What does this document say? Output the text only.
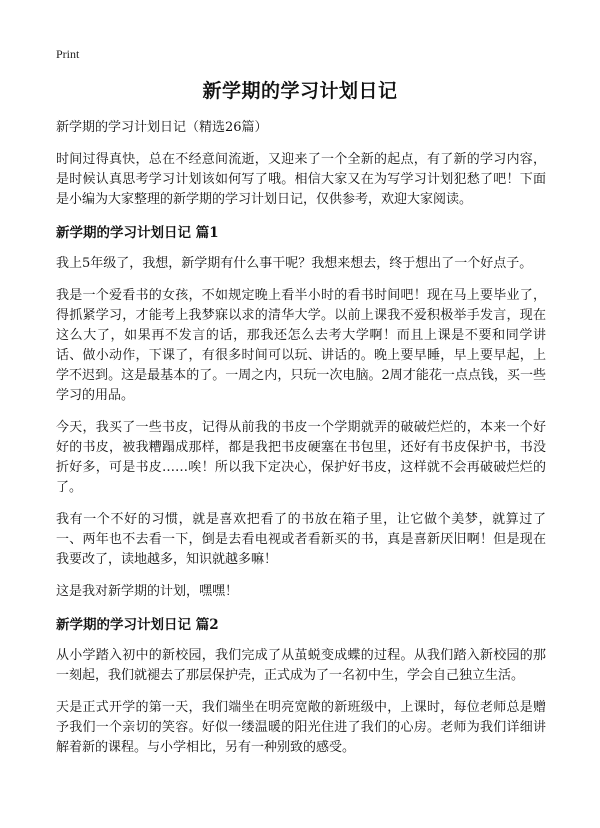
Print
新学期的学习计划日记
新学期的学习计划日记（精选26篇）

时间过得真快，总在不经意间流逝，又迎来了一个全新的起点，有了新的学习内容，是时候认真思考学习计划该如何写了哦。相信大家又在为写学习计划犯愁了吧！下面是小编为大家整理的新学期的学习计划日记，仅供参考，欢迎大家阅读。

新学期的学习计划日记 篇1

我上5年级了，我想，新学期有什么事干呢？我想来想去，终于想出了一个好点子。

我是一个爱看书的女孩，不如规定晚上看半小时的看书时间吧！现在马上要毕业了，得抓紧学习，才能考上我梦寐以求的清华大学。以前上课我不爱积极举手发言，现在这么大了，如果再不发言的话，那我还怎么去考大学啊！而且上课是不要和同学讲话、做小动作，下课了，有很多时间可以玩、讲话的。晚上要早睡，早上要早起，上学不迟到。这是最基本的了。一周之内，只玩一次电脑。2周才能花一点点钱，买一些学习的用品。

今天，我买了一些书皮，记得从前我的书皮一个学期就弄的破破烂烂的，本来一个好好的书皮，被我糟蹋成那样，都是我把书皮硬塞在书包里，还好有书皮保护书，书没折好多，可是书皮……唉！所以我下定决心，保护好书皮，这样就不会再破破烂烂的了。

我有一个不好的习惯，就是喜欢把看了的书放在箱子里，让它做个美梦，就算过了一、两年也不去看一下，倒是去看电视或者看新买的书，真是喜新厌旧啊！但是现在我要改了，读地越多，知识就越多嘛！

这是我对新学期的计划，嘿嘿！

新学期的学习计划日记 篇2

从小学踏入初中的新校园，我们完成了从茧蜕变成蝶的过程。从我们踏入新校园的那一刻起，我们就褪去了那层保护壳，正式成为了一名初中生，学会自己独立生活。

天是正式开学的第一天，我们端坐在明亮宽敞的新班级中，上课时，每位老师总是赠予我们一个亲切的笑容。好似一缕温暖的阳光住进了我们的心房。老师为我们详细讲解着新的课程。与小学相比，另有一种别致的感受。
